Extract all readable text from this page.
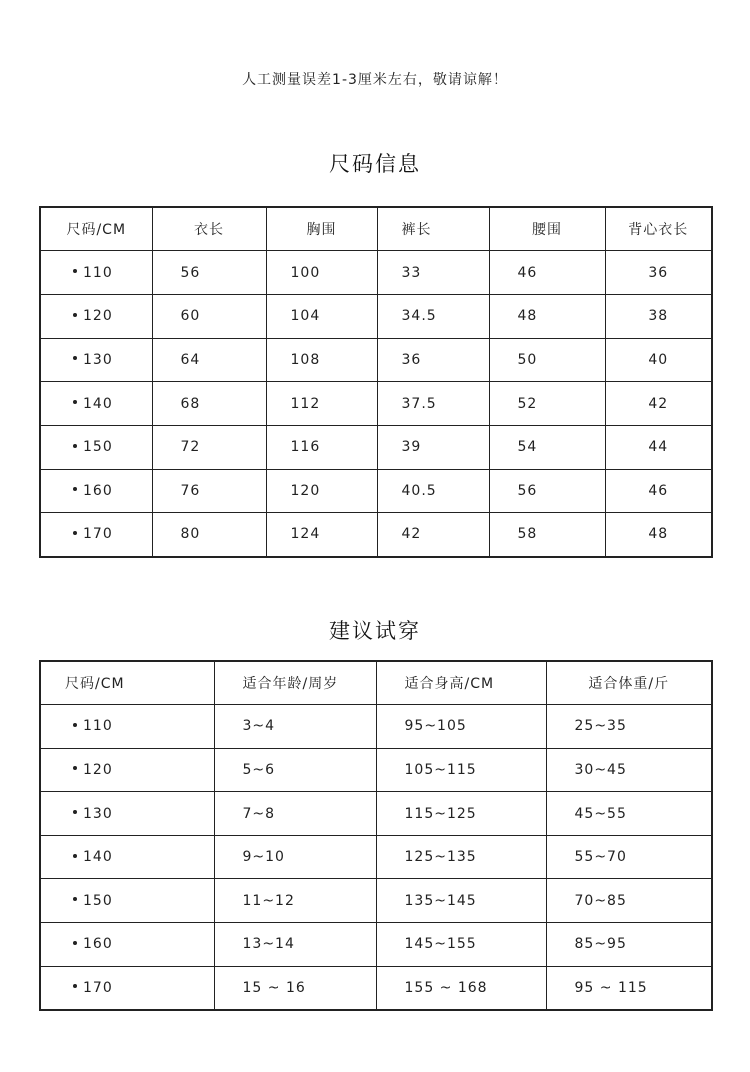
人工测量误差1-3厘米左右，敬请谅解！
尺码信息
尺码/CM	衣长	胸围	裤长	腰围	背心衣长
110	56	100	33	46	36
120	60	104	34.5	48	38
130	64	108	36	50	40
140	68	112	37.5	52	42
150	72	116	39	54	44
160	76	120	40.5	56	46
170	80	124	42	58	48
建议试穿
尺码/CM	适合年龄/周岁	适合身高/CM	适合体重/斤
110	3~4	95~105	25~35
120	5~6	105~115	30~45
130	7~8	115~125	45~55
140	9~10	125~135	55~70
150	11~12	135~145	70~85
160	13~14	145~155	85~95
170	15 ~ 16	155 ~ 168	95 ~ 115
